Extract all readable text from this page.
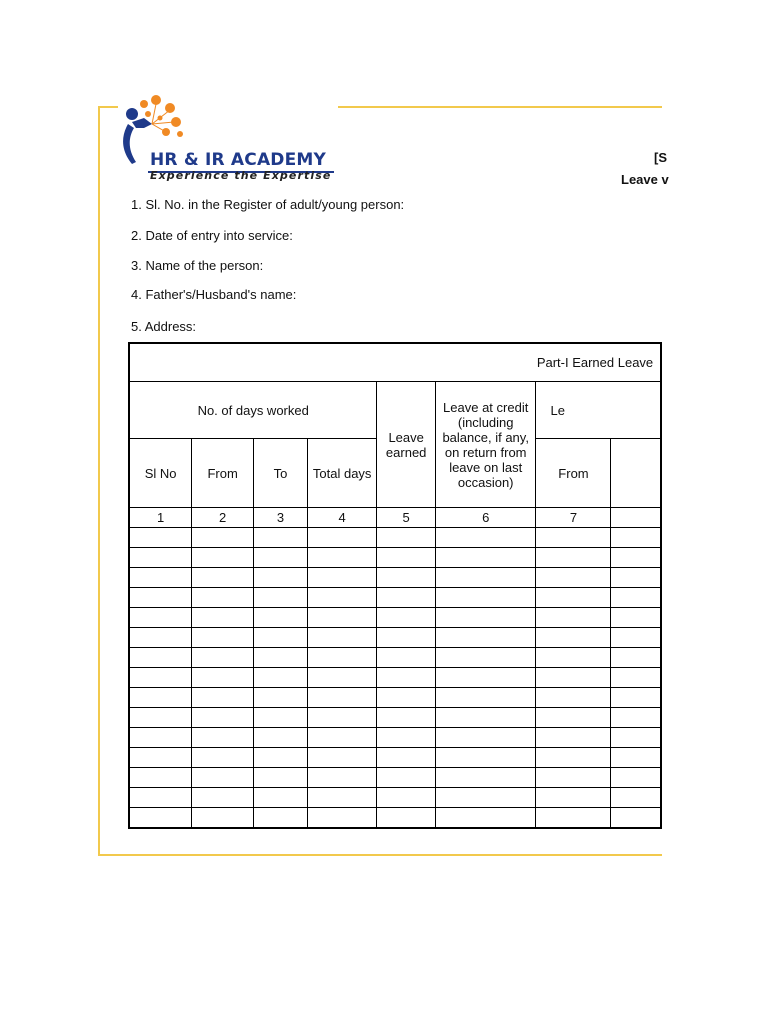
HR & IR ACADEMY
Experience the Expertise
[S
Leave v
1. Sl. No. in the Register of adult/young person:
2. Date of entry into service:
3. Name of the person:
4. Father's/Husband's name:
5. Address:
Part-I Earned Leave							
No. of days worked				Leave earned	Leave at credit (including balance, if any, on return from leave on last occasion)	Le	
Sl No	From	To	Total days			From	
1	2	3	4	5	6	7	
